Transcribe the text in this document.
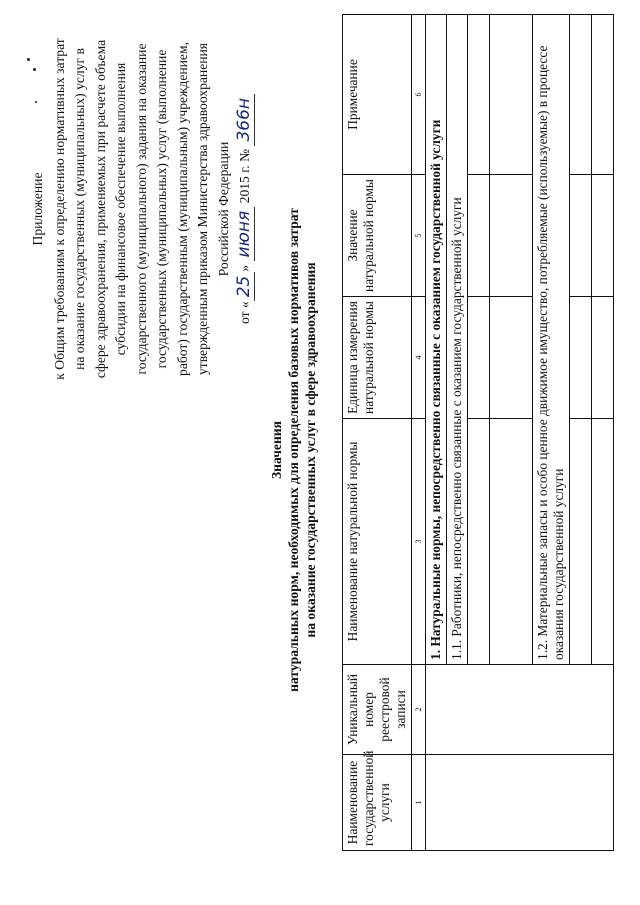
Приложение к Общим требованиям к определению нормативных затрат на оказание государственных (муниципальных) услуг в сфере здравоохранения, применяемых при расчете объема субсидии на финансовое обеспечение выполнения государственного (муниципального) задания на оказание государственных (муниципальных) услуг (выполнение работ) государственным (муниципальным) учреждением, утвержденным приказом Министерства здравоохранения Российской Федерации
от «25» июня 2015 г. № 366н
Значения натуральных норм, необходимых для определения базовых нормативов затрат на оказание государственных услуг в сфере здравоохранения
Наименование государственной услуги	Уникальный номер реестровой записи	Наименование натуральной нормы	Единица измерения натуральной нормы	Значение натуральной нормы	Примечание
1	2	3	4	5	6
		1. Натуральные нормы, непосредственно связанные с оказанием государственной услуги			
		1.1. Работники, непосредственно связанные с оказанием государственной услуги			

		1.2. Материальные запасы и особо ценное движимое имущество, потребляемые (используемые) в процессе оказания государственной услуги			
